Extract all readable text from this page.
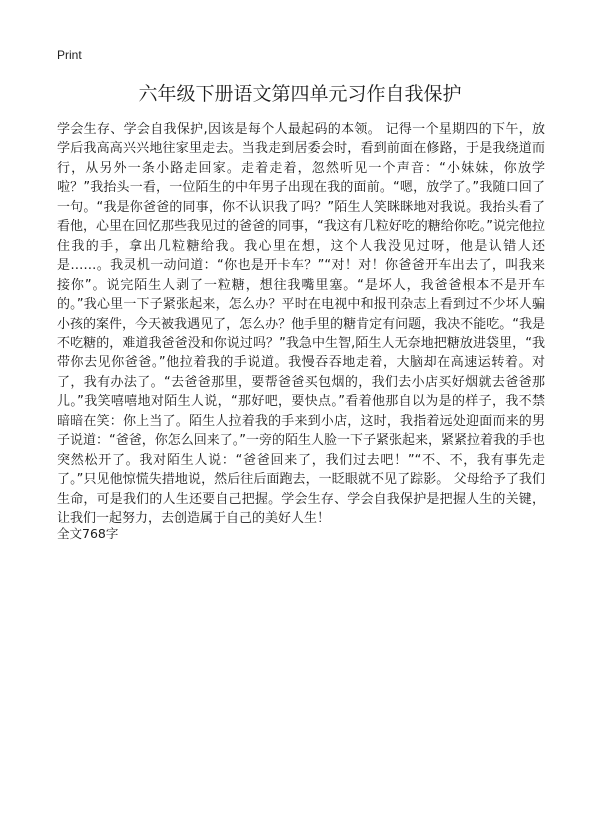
Print
六年级下册语文第四单元习作自我保护

学会生存、学会自我保护,因该是每个人最起码的本领。 记得一个星期四的下午，放学后我高高兴兴地往家里走去。当我走到居委会时，看到前面在修路，于是我绕道而行，从另外一条小路走回家。走着走着，忽然听见一个声音：“小妹妹，你放学啦？”我抬头一看，一位陌生的中年男子出现在我的面前。“嗯，放学了。”我随口回了一句。“我是你爸爸的同事，你不认识我了吗？”陌生人笑眯眯地对我说。我抬头看了看他，心里在回忆那些我见过的爸爸的同事，“我这有几粒好吃的糖给你吃。”说完他拉住我的手，拿出几粒糖给我。我心里在想，这个人我没见过呀，他是认错人还是……。我灵机一动问道：“你也是开卡车？”“对！对！你爸爸开车出去了，叫我来接你”。说完陌生人剥了一粒糖，想往我嘴里塞。“是坏人，我爸爸根本不是开车的。”我心里一下子紧张起来，怎么办？平时在电视中和报刊杂志上看到过不少坏人骗小孩的案件，今天被我遇见了，怎么办？他手里的糖肯定有问题，我决不能吃。“我是不吃糖的，难道我爸爸没和你说过吗？”我急中生智,陌生人无奈地把糖放进袋里，“我带你去见你爸爸。”他拉着我的手说道。我慢吞吞地走着，大脑却在高速运转着。对了，我有办法了。“去爸爸那里，要帮爸爸买包烟的，我们去小店买好烟就去爸爸那儿。”我笑嘻嘻地对陌生人说，“那好吧，要快点。”看着他那自以为是的样子，我不禁暗暗在笑：你上当了。陌生人拉着我的手来到小店，这时，我指着远处迎面而来的男子说道：“爸爸，你怎么回来了。”一旁的陌生人脸一下子紧张起来，紧紧拉着我的手也突然松开了。我对陌生人说：“爸爸回来了，我们过去吧！”“不、不，我有事先走了。”只见他惊慌失措地说，然后往后面跑去，一眨眼就不见了踪影。 父母给予了我们生命，可是我们的人生还要自己把握。学会生存、学会自我保护是把握人生的关键，让我们一起努力，去创造属于自己的美好人生！

全文768字
